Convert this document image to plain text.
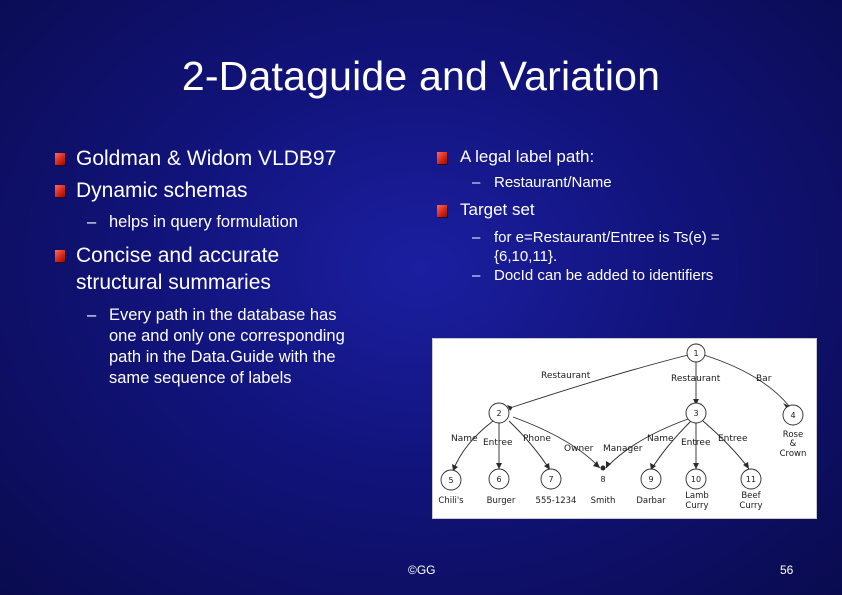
2-Dataguide and Variation
Goldman & Widom VLDB97
Dynamic schemas
– helps in query formulation
Concise and accurate
structural summaries
– Every path in the database has
one and only one corresponding
path in the Data.Guide with the
same sequence of labels
A legal label path:
– Restaurant/Name
Target set
– for e=Restaurant/Entree is Ts(e) =
{6,10,11}.
– DocId can be added to identifiers
1
2	3	4
5	6	7	8	9	10	11
Restaurant	Restaurant	Bar
Name Entree Phone
Owner Manager
Name Entree Entree	Rose
&
Crown
Chili's	Burger 555-1234 Smith Darbar Lamb
Curry
Beef
Curry
©GG	56
